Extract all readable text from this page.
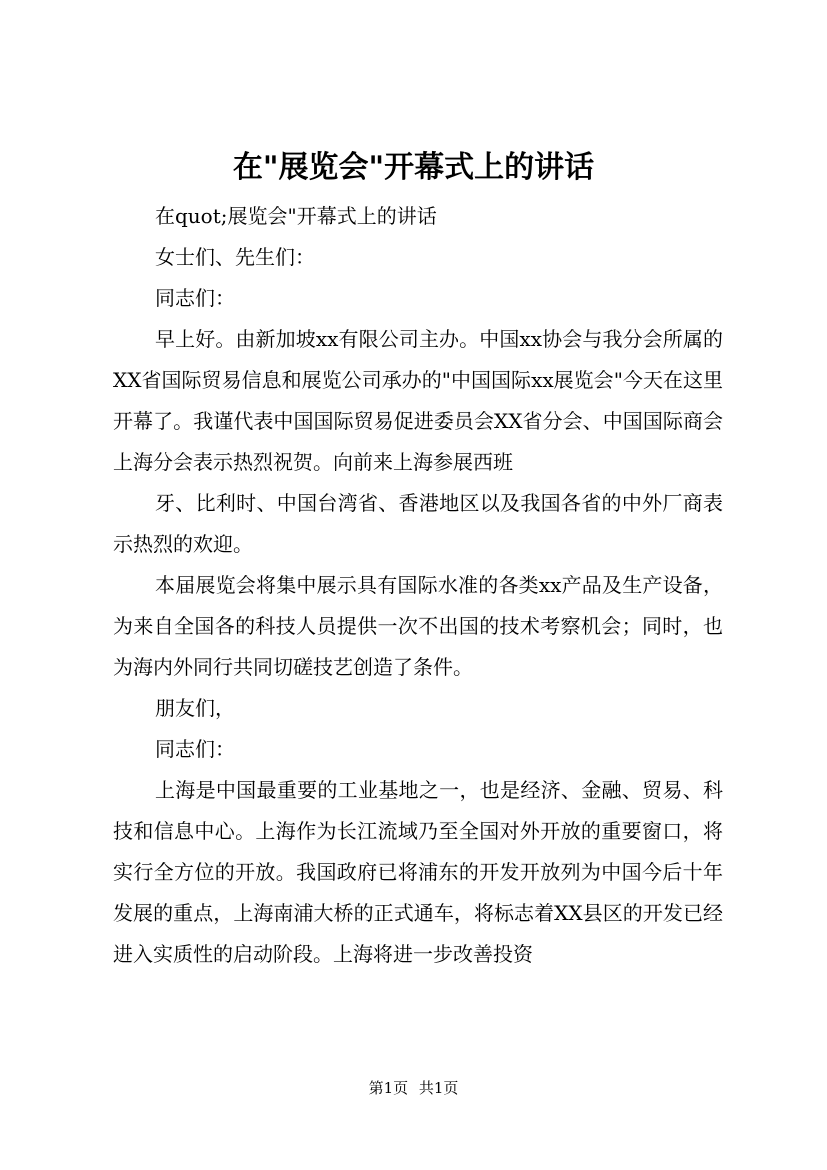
在"展览会"开幕式上的讲话

在quot;展览会"开幕式上的讲话

女士们、先生们：

同志们：

早上好。由新加坡xx有限公司主办。中国xx协会与我分会所属的XX省国际贸易信息和展览公司承办的"中国国际xx展览会"今天在这里开幕了。我谨代表中国国际贸易促进委员会XX省分会、中国国际商会上海分会表示热烈祝贺。向前来上海参展西班

牙、比利时、中国台湾省、香港地区以及我国各省的中外厂商表示热烈的欢迎。

本届展览会将集中展示具有国际水准的各类xx产品及生产设备，为来自全国各的科技人员提供一次不出国的技术考察机会；同时，也为海内外同行共同切磋技艺创造了条件。

朋友们，

同志们：

上海是中国最重要的工业基地之一，也是经济、金融、贸易、科技和信息中心。上海作为长江流域乃至全国对外开放的重要窗口，将实行全方位的开放。我国政府已将浦东的开发开放列为中国今后十年发展的重点，上海南浦大桥的正式通车，将标志着XX县区的开发已经进入实质性的启动阶段。上海将进一步改善投资

第1页 共1页
